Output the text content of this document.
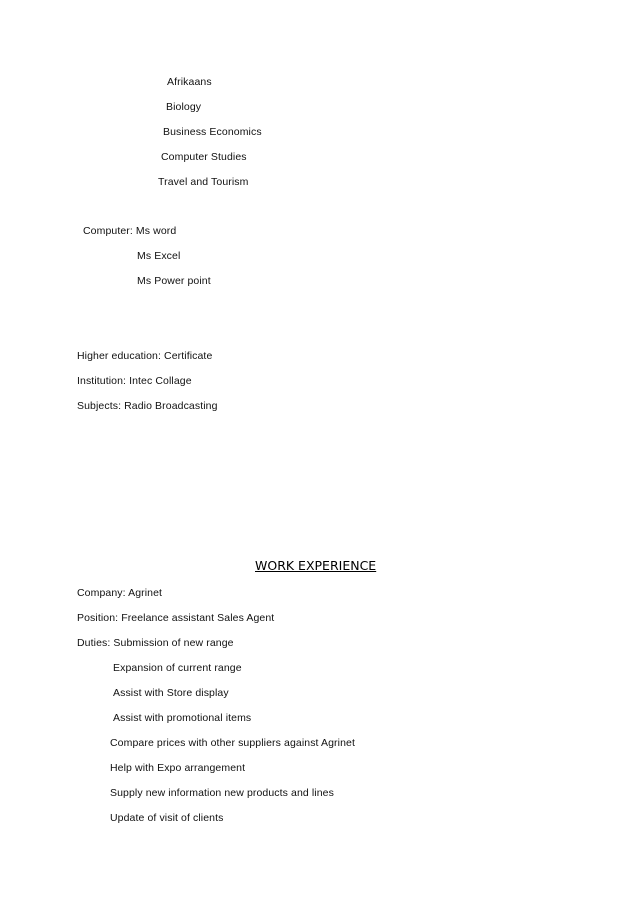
Afrikaans
Biology
Business Economics
Computer Studies
Travel and Tourism
Computer: Ms word
Ms Excel
Ms Power point
Higher education: Certificate
Institution: Intec Collage
Subjects: Radio Broadcasting
WORK EXPERIENCE
Company: Agrinet
Position: Freelance assistant Sales Agent
Duties: Submission of new range
Expansion of current range
Assist with Store display
Assist with promotional items
Compare prices with other suppliers against Agrinet
Help with Expo arrangement
Supply new information new products and lines
Update of visit of clients
